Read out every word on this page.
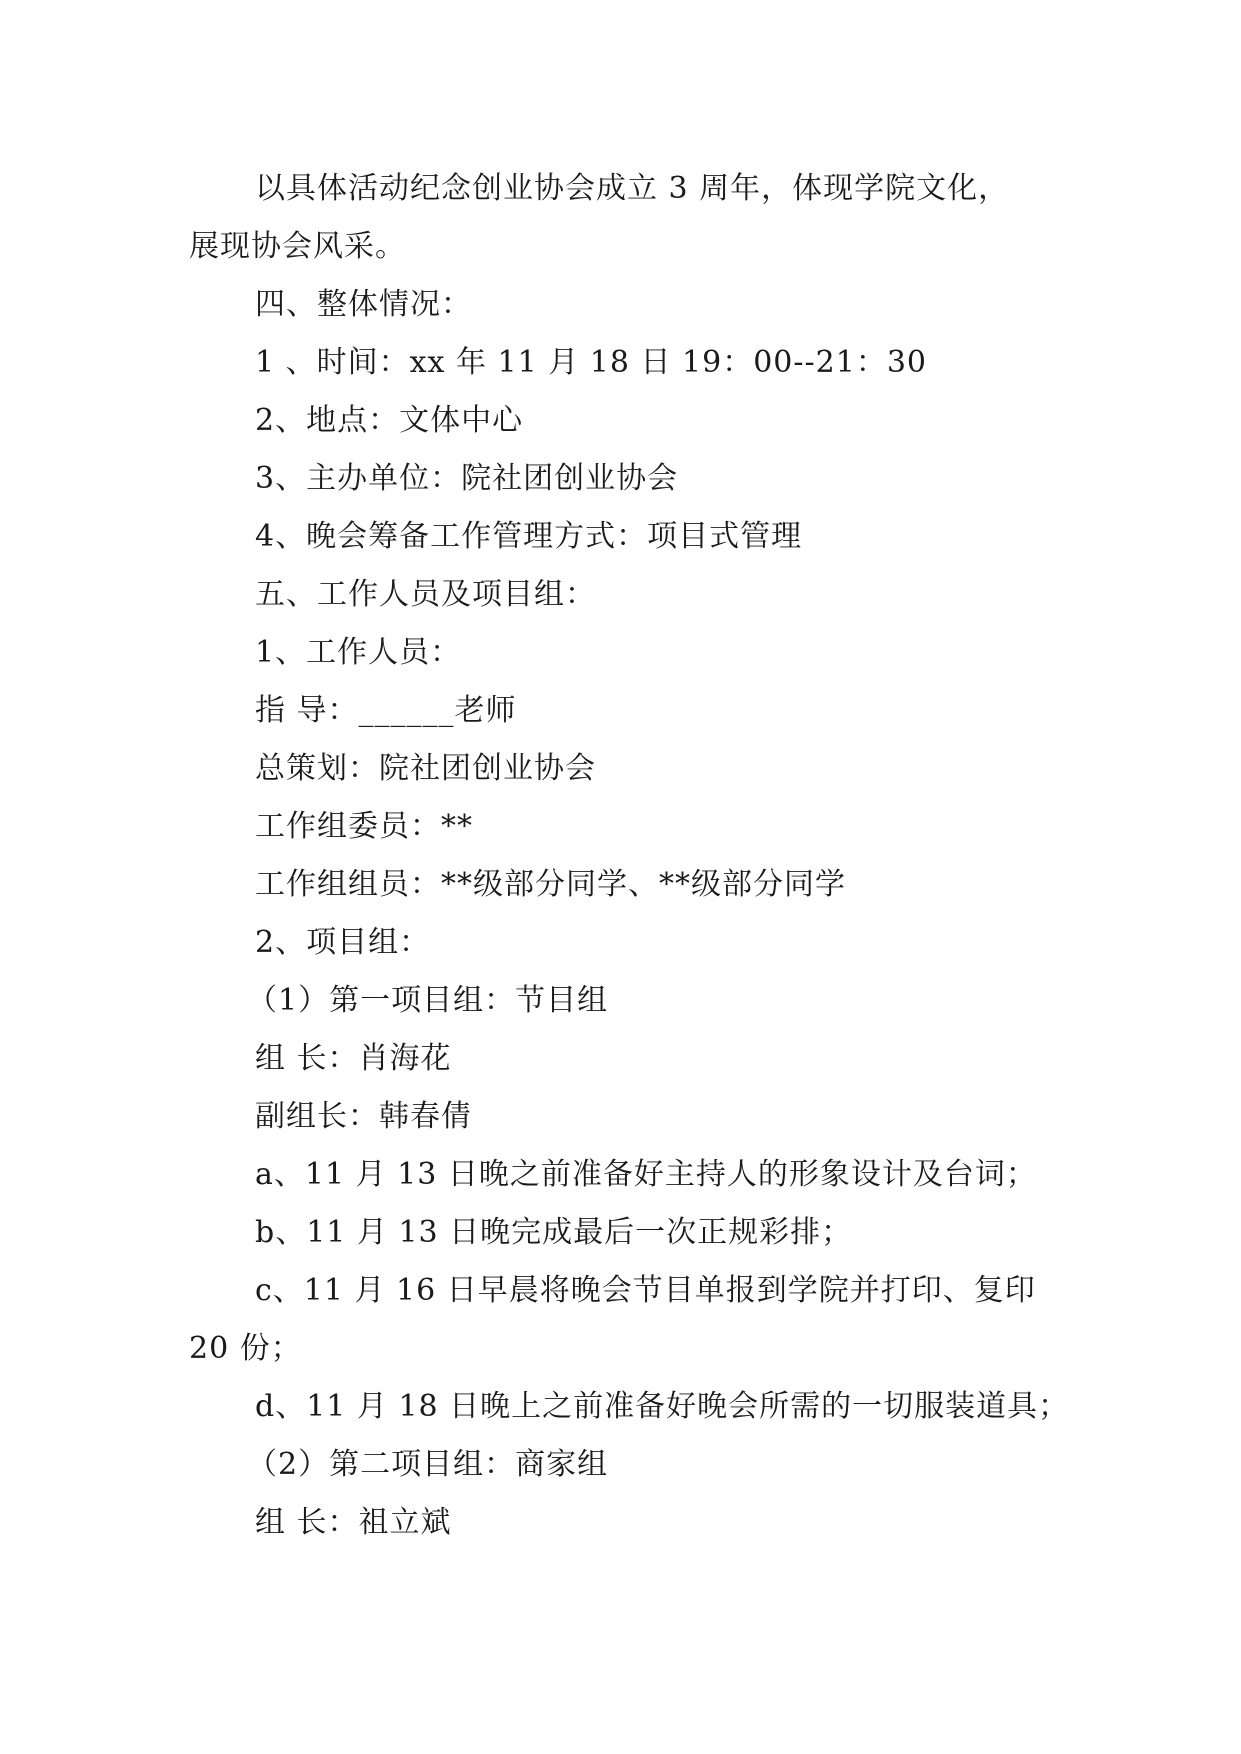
以具体活动纪念创业协会成立 3 周年，体现学院文化，
展现协会风采。
四、整体情况：
1 、时间：xx 年 11 月 18 日 19：00--21：30
2、地点：文体中心
3、主办单位：院社团创业协会
4、晚会筹备工作管理方式：项目式管理
五、工作人员及项目组：
1、工作人员：
指 导：______老师
总策划：院社团创业协会
工作组委员：**
工作组组员：**级部分同学、**级部分同学
2、项目组：
（1）第一项目组：节目组
组 长：肖海花
副组长：韩春倩
a、11 月 13 日晚之前准备好主持人的形象设计及台词；
b、11 月 13 日晚完成最后一次正规彩排；
c、11 月 16 日早晨将晚会节目单报到学院并打印、复印
20 份；
d、11 月 18 日晚上之前准备好晚会所需的一切服装道具；
（2）第二项目组：商家组
组 长：祖立斌
